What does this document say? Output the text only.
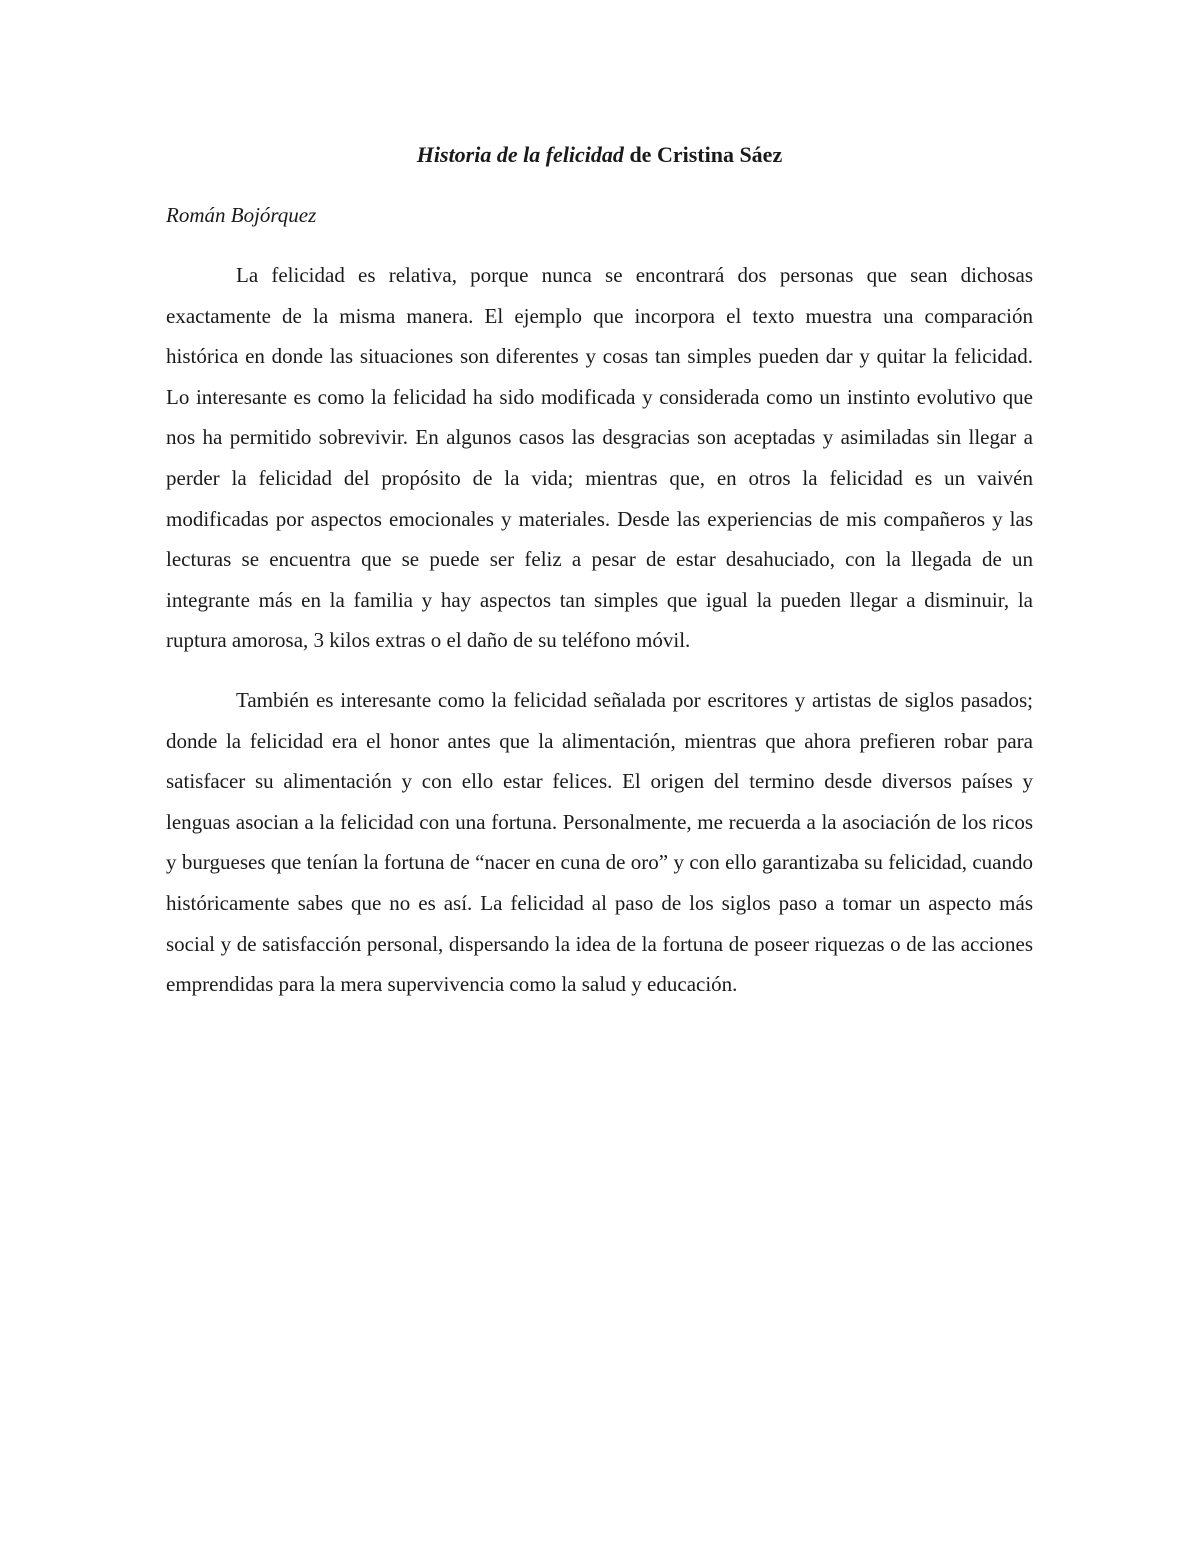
Historia de la felicidad de Cristina Sáez

Román Bojórquez

La felicidad es relativa, porque nunca se encontrará dos personas que sean dichosas exactamente de la misma manera. El ejemplo que incorpora el texto muestra una comparación histórica en donde las situaciones son diferentes y cosas tan simples pueden dar y quitar la felicidad. Lo interesante es como la felicidad ha sido modificada y considerada como un instinto evolutivo que nos ha permitido sobrevivir. En algunos casos las desgracias son aceptadas y asimiladas sin llegar a perder la felicidad del propósito de la vida; mientras que, en otros la felicidad es un vaivén modificadas por aspectos emocionales y materiales. Desde las experiencias de mis compañeros y las lecturas se encuentra que se puede ser feliz a pesar de estar desahuciado, con la llegada de un integrante más en la familia y hay aspectos tan simples que igual la pueden llegar a disminuir, la ruptura amorosa, 3 kilos extras o el daño de su teléfono móvil.

También es interesante como la felicidad señalada por escritores y artistas de siglos pasados; donde la felicidad era el honor antes que la alimentación, mientras que ahora prefieren robar para satisfacer su alimentación y con ello estar felices. El origen del termino desde diversos países y lenguas asocian a la felicidad con una fortuna. Personalmente, me recuerda a la asociación de los ricos y burgueses que tenían la fortuna de “nacer en cuna de oro” y con ello garantizaba su felicidad, cuando históricamente sabes que no es así. La felicidad al paso de los siglos paso a tomar un aspecto más social y de satisfacción personal, dispersando la idea de la fortuna de poseer riquezas o de las acciones emprendidas para la mera supervivencia como la salud y educación.
